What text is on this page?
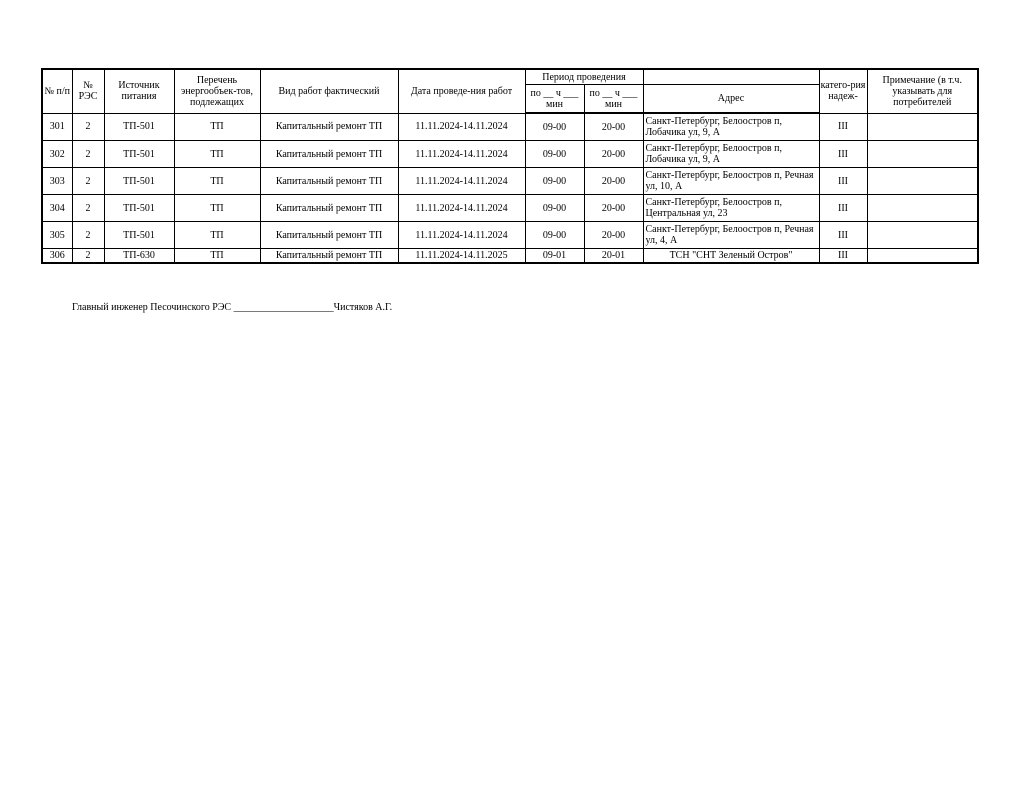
№ п/п	№ РЭС	Источник питания	Перечень энергообъек-тов, подлежащих	Вид работ фактический	Дата проведе-ния работ	Период проведения			катего-рия надеж-	Примечание (в т.ч. указывать для потребителей
						по __ ч ___ мин	по __ ч ___ мин	Адрес		
301	2	ТП-501	ТП	Капитальный ремонт ТП	11.11.2024-14.11.2024	09-00	20-00	Санкт-Петербург, Белоостров п, Лобачика ул, 9, А	III	
302	2	ТП-501	ТП	Капитальный ремонт ТП	11.11.2024-14.11.2024	09-00	20-00	Санкт-Петербург, Белоостров п, Лобачика ул, 9, А	III	
303	2	ТП-501	ТП	Капитальный ремонт ТП	11.11.2024-14.11.2024	09-00	20-00	Санкт-Петербург, Белоостров п, Речная ул, 10, А	III	
304	2	ТП-501	ТП	Капитальный ремонт ТП	11.11.2024-14.11.2024	09-00	20-00	Санкт-Петербург, Белоостров п, Центральная ул, 23	III	
305	2	ТП-501	ТП	Капитальный ремонт ТП	11.11.2024-14.11.2024	09-00	20-00	Санкт-Петербург, Белоостров п, Речная ул, 4, А	III	
306	2	ТП-630	ТП	Капитальный ремонт ТП	11.11.2024-14.11.2025	09-01	20-01	ТСН "СНТ Зеленый Остров"	III	
Главный инженер Песочинского РЭС ____________________Чистяков А.Г.
